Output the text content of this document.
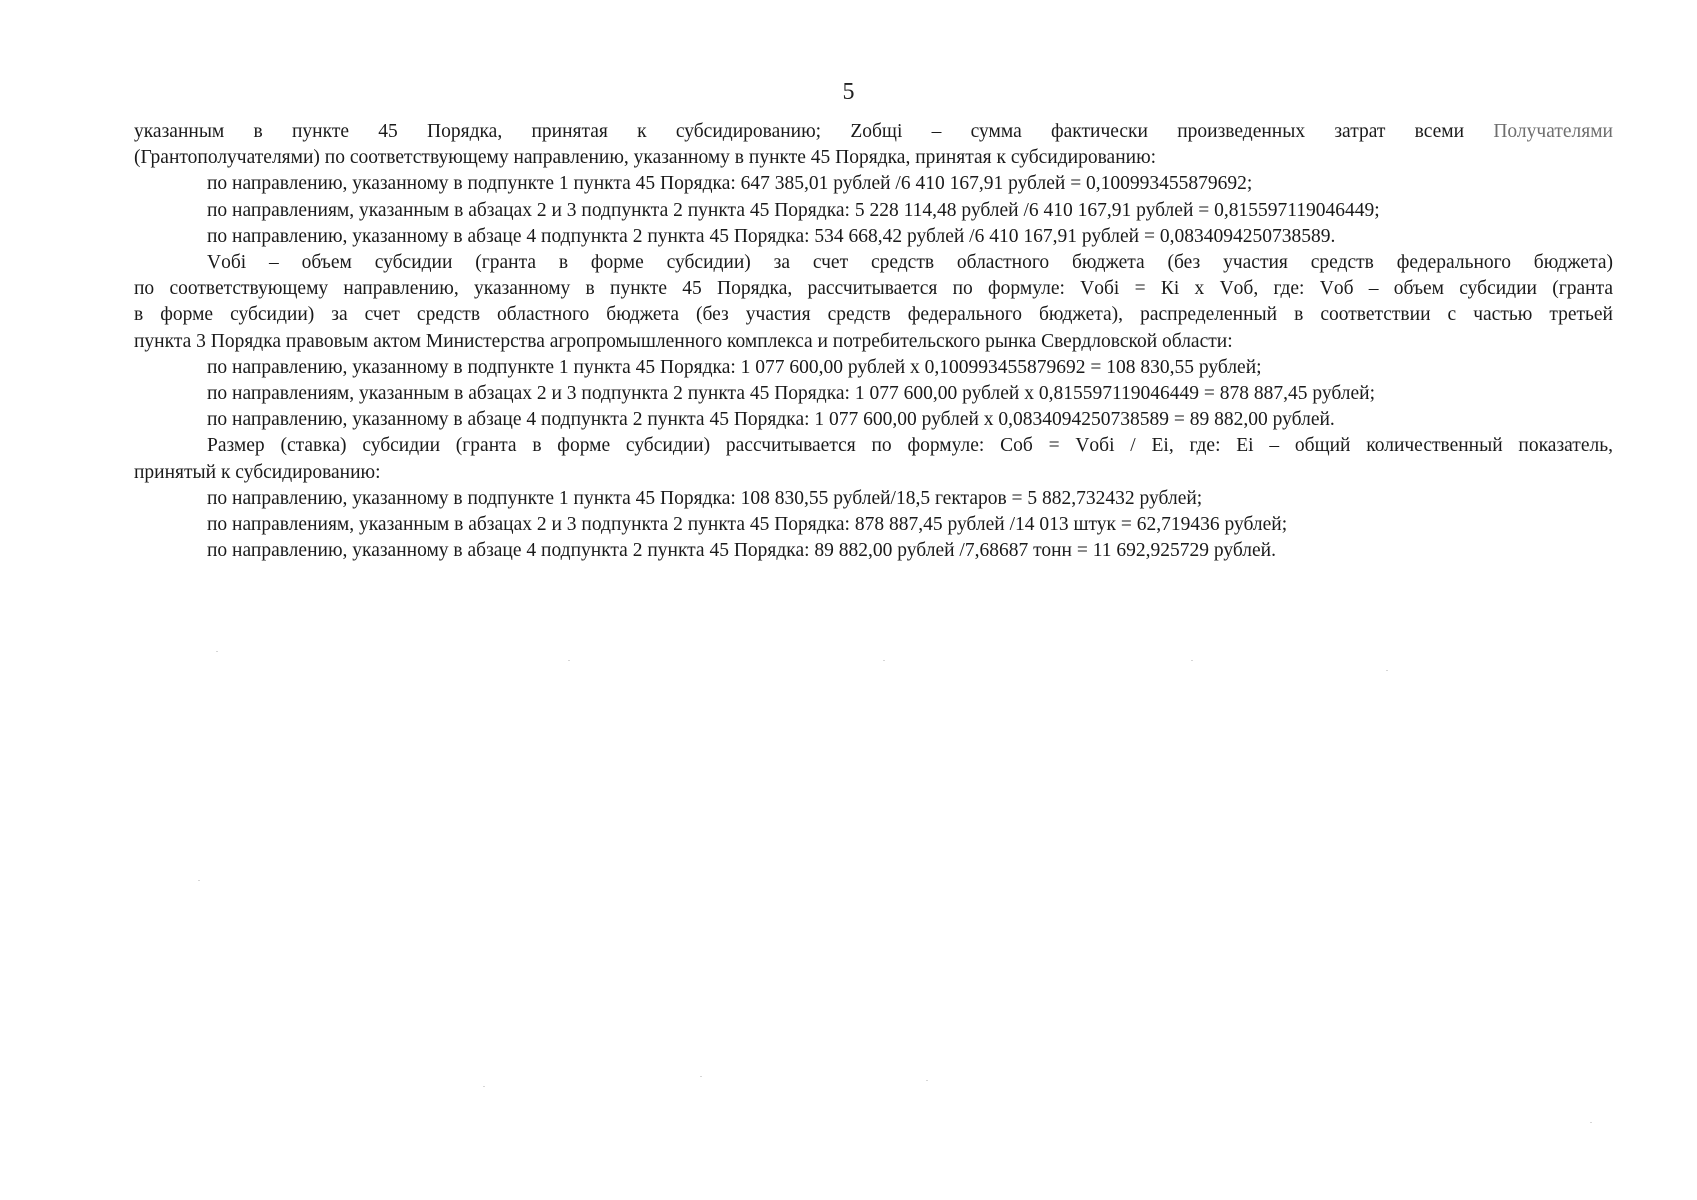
5

указанным в пункте 45 Порядка, принятая к субсидированию; Zобщі – сумма фактически произведенных затрат всеми Получателями

(Грантополучателями) по соответствующему направлению, указанному в пункте 45 Порядка, принятая к субсидированию:

по направлению, указанному в подпункте 1 пункта 45 Порядка: 647 385,01 рублей /6 410 167,91 рублей = 0,100993455879692;

по направлениям, указанным в абзацах 2 и 3 подпункта 2 пункта 45 Порядка: 5 228 114,48 рублей /6 410 167,91 рублей = 0,815597119046449;

по направлению, указанному в абзаце 4 подпункта 2 пункта 45 Порядка: 534 668,42 рублей /6 410 167,91 рублей = 0,0834094250738589.

Vобі – объем субсидии (гранта в форме субсидии) за счет средств областного бюджета (без участия средств федерального бюджета)

по соответствующему направлению, указанному в пункте 45 Порядка, рассчитывается по формуле: Vобі = Кі х Vоб, где: Vоб – объем субсидии (гранта

в форме субсидии) за счет средств областного бюджета (без участия средств федерального бюджета), распределенный в соответствии с частью третьей

пункта 3 Порядка правовым актом Министерства агропромышленного комплекса и потребительского рынка Свердловской области:

по направлению, указанному в подпункте 1 пункта 45 Порядка: 1 077 600,00 рублей х 0,100993455879692 = 108 830,55 рублей;

по направлениям, указанным в абзацах 2 и 3 подпункта 2 пункта 45 Порядка: 1 077 600,00 рублей х 0,815597119046449 = 878 887,45 рублей;

по направлению, указанному в абзаце 4 подпункта 2 пункта 45 Порядка: 1 077 600,00 рублей х 0,0834094250738589 = 89 882,00 рублей.

Размер (ставка) субсидии (гранта в форме субсидии) рассчитывается по формуле: Соб = Vобі / Еі, где: Еі – общий количественный показатель,

принятый к субсидированию:

по направлению, указанному в подпункте 1 пункта 45 Порядка: 108 830,55 рублей/18,5 гектаров = 5 882,732432 рублей;

по направлениям, указанным в абзацах 2 и 3 подпункта 2 пункта 45 Порядка: 878 887,45 рублей /14 013 штук = 62,719436 рублей;

по направлению, указанному в абзаце 4 подпункта 2 пункта 45 Порядка: 89 882,00 рублей /7,68687 тонн = 11 692,925729 рублей.
